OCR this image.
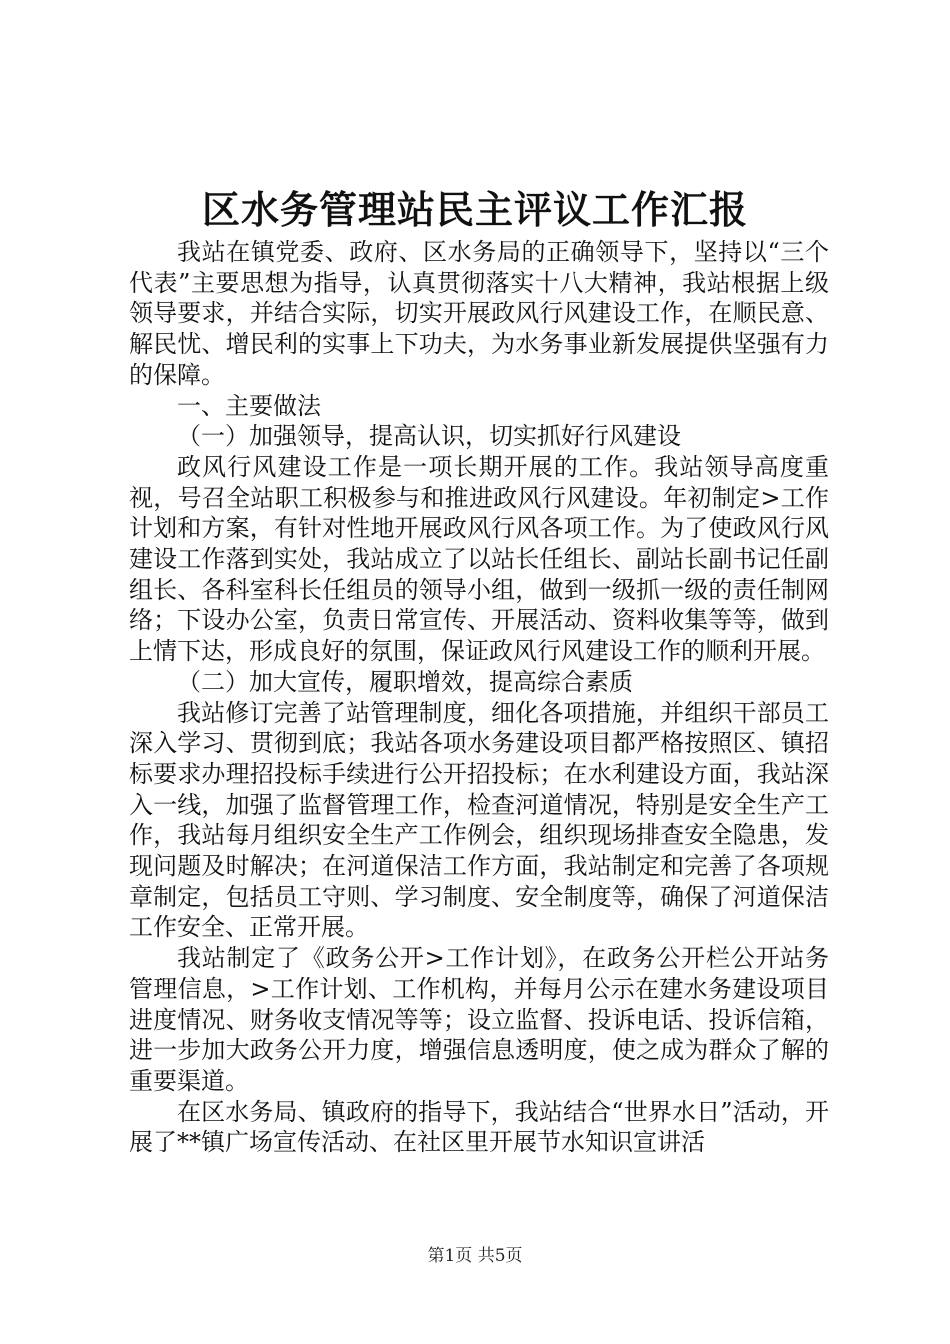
区水务管理站民主评议工作汇报

我站在镇党委、政府、区水务局的正确领导下，坚持以“三个代表”主要思想为指导，认真贯彻落实十八大精神，我站根据上级领导要求，并结合实际，切实开展政风行风建设工作，在顺民意、解民忧、增民利的实事上下功夫，为水务事业新发展提供坚强有力的保障。

一、主要做法

（一）加强领导，提高认识，切实抓好行风建设

政风行风建设工作是一项长期开展的工作。我站领导高度重视，号召全站职工积极参与和推进政风行风建设。年初制定>工作计划和方案，有针对性地开展政风行风各项工作。为了使政风行风建设工作落到实处，我站成立了以站长任组长、副站长副书记任副组长、各科室科长任组员的领导小组，做到一级抓一级的责任制网络；下设办公室，负责日常宣传、开展活动、资料收集等等，做到上情下达，形成良好的氛围，保证政风行风建设工作的顺利开展。

（二）加大宣传，履职增效，提高综合素质

我站修订完善了站管理制度，细化各项措施，并组织干部员工深入学习、贯彻到底；我站各项水务建设项目都严格按照区、镇招标要求办理招投标手续进行公开招投标；在水利建设方面，我站深入一线，加强了监督管理工作，检查河道情况，特别是安全生产工作，我站每月组织安全生产工作例会，组织现场排查安全隐患，发现问题及时解决；在河道保洁工作方面，我站制定和完善了各项规章制定，包括员工守则、学习制度、安全制度等，确保了河道保洁工作安全、正常开展。

我站制定了《政务公开>工作计划》，在政务公开栏公开站务管理信息，>工作计划、工作机构，并每月公示在建水务建设项目进度情况、财务收支情况等等；设立监督、投诉电话、投诉信箱，进一步加大政务公开力度，增强信息透明度，使之成为群众了解的重要渠道。

在区水务局、镇政府的指导下，我站结合“世界水日”活动，开展了**镇广场宣传活动、在社区里开展节水知识宣讲活

第1页 共5页
